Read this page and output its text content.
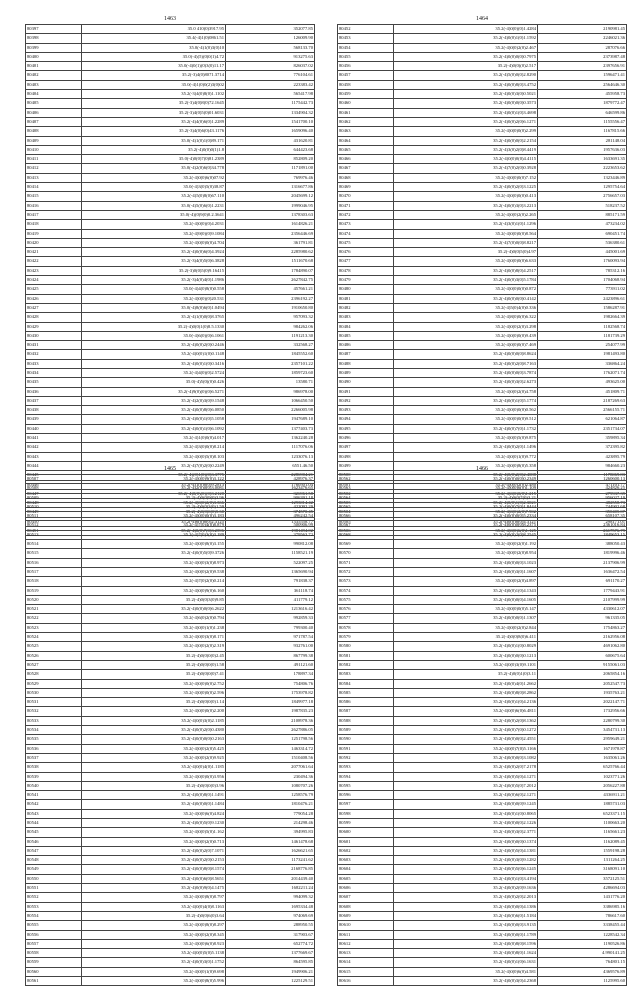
1463
80397	35.0 410(0)3917.95	352077.85
80398	35.4(-4)1(0)0861.51	126009.90
80399	35.0(-4)1(0)3(0)10	568133.70
80400	35.0(-4)(5)(0)0(1)4.72	913275.63
80401	35.0(-4)0(1)(0)3(0)11.17	826037.02
80402	35.2(-3)4(0)8071.3714	776104.61
80403	35.0(-4)1(0)0(2)3(0)02	223383.42
80404	35.2(-3)4(0)8(0)1.1102	565417.98
80405	35.2(-3)4(0)8(0)72.1645	1175442.73
80406	35.2(-3)4(0)5(0)01.6031	1334904.32
80407	35.2(-4)4(0)6(0)1.2289	1541700.10
80408	35.2(-3)4(0)6(0)43.1176	1659096.40
80409	35.0(-4)1(0)1(0)89.171	431620.81
80410	35.2(-4)0(0)0(1)1.8	644423.68
80411	35.0(-4)0(0)7(0)81.2389	852809.20
80412	35.0(-4)2(0)6(0)34.778	1171891.00
80413	35.2(-4)0(0)6(0)07.92	769976.46
80414	35.0(-4)3(0)5(0)38.87	1316677.86
80415	35.2(-4)5(0)8(0)67.110	2045699.12
80416	35.0(-4)5(0)6(0)1.2231	1999046.95
80417	35.0(-4)(0)9(0)0.2.3641	1378303.63
80418	35.2(-4)0(0)(0)4.2031	1614826.21
80419	35.2(-4)9(0)(0)9.1084	2356446.69
80420	35.2(-4)0(0)0(0)4.704	361791.81
80421	35.2(-4)0(0)6(0)4.3924	2285980.62
80422	35.2(-3)4(0)5(0)6.3828	1511670.68
80423	35.2(-3)0(0)5(0)9.16415	1784890.07
80424	35.2(-3)4(0)4(0)1.1986	2627842.75
80425	35.0(-4)4(0)8(0)0.558	457661.21
80426	35.2(-4)0(0)(0)20.531	2396192.27
80427	35.0(-4)8(0)6(0)1.0494	1910650.80
80428	35.2(-4)1(0)0(0)8.3765	957093.32
80429	35.2(-4)0(0)1(0)8.5.1330	984262.06
80430	35.0(-4)6(0)(0)6.1061	1191213.30
80431	35.2(-4)0(0)2(0)0.2446	332568.27
80432	35.2(-4)0(0)1(0)0.1148	1845552.60
80433	35.2(-4)0(0)1(0)0.3416	2357101.22
80434	35.2(-4)4(0)(0)2.5724	1859723.60
80435	35.0(-4)5(0)(0)0.426	13580.71
80436	35.2(-4)9(0)(0)(0)6.5271	986978.00
80437	35.2(-4)2(0)3(0)9.1548	1066450.50
80438	35.2(-4)0(0)8(0)6.0850	2266005.98
80439	35.2(-4)0(0)1(0)5.1058	1947689.10
80440	35.2(-4)0(0)1(0)6.1092	1377403.73
80441	35.2(-4)1(0)0(0)4.017	1362240.28
80442	35.2(-4)3(0)0(0)8.214	1117076.06
80443	35.2(-4)0(0)5(0)8.103	1233076.13
80444	35.2(-4)7(0)2(0)0.2249	6551.46.50
80445	35.2(-4)(0)1(0)(0)3.3775	2286904.21
80446	35.2(-4)1(0)8(0)9.2813	1760501.04
80447	35.2(-4)0(0)(0)(0)3.2120	326961.58
80448	35.2(-4)0(0)2(0)3.366	1293014.42
80449	35.2(-4)0(0)0(0)5.60	374570.45
80450	35.2(-4)6(0)8(0)2.3125	1335558.77
80451	35.2(-4)0(0)7(0)3.2596	1981494.02
1464
80452	35.2(-4)0(0)(0)1.4284	2190981.45
80453	35.2(-4)0(0)1(0)1.1592	2246021.36
80454	35.2(-4)0(0)2(0)2.467	287076.66
80455	35.2(-4)0(0)0(0)0.7975	2373987.48
80456	35.2(-4)0(0)(0)2.517	2397656.91
80457	35.2(-4)5(0)0(0)2.8290	1596471.41
80458	35.2(-4)0(0)8(0)3.4752	2564646.30
80459	35.2(-4)0(0)3(0)0.5021	455958.73
80460	35.2(-4)0(0)0(0)0.3573	1879772.47
80461	35.2(-4)0(0)1(0)3.4698	646599.86
80462	35.2(-4)0(0)2(0)6.1271	1155556.47
80463	35.2(-4)0(0)0(0)2.299	1167815.66
80464	35.2(-4)0(0)0(0)2.2154	281148.04
80465	35.2(-4)3(0)2(0)8.4419	1957636.03
80466	35.2(-4)0(0)0(0)4.4115	1633691.35
80467	35.2(-4)7(0)2(0)0.3928	2223653.62
80468	35.2(-4)0(0)0(0)7.152	1323446.89
80469	35.2(-4)0(0)2(0)3.1225	1295754.64
80470	35.2(-4)0(0)0(0)0.413	2756657.03
80471	35.2(-4)0(0)3(0)3.2213	518237.52
80472	35.2(-4)0(0)2(0)2.265	885171.59
80473	35.2(-4)3(0)1(0)1.1296	473234.02
80474	35.2(-4)0(0)0(0)8.564	690451.74
80475	35.2(-4)7(0)0(0)8.8217	536380.61
80476	35.2(-4)0(0)5(0)4.97	445001.69
80477	35.2(-4)0(0)0(0)6.633	1760093.94
80478	35.2(-4)0(0)8(0)4.2517	785312.16
80479	35.2(-4)0(0)3(0)5.1784	1704068.94
80480	35.2(-4)0(0)0(0)0.872	773911.02
80481	35.2(-4)0(0)0(0)0.4142	2423896.61
80482	35.2(-4)5(0)4(0)0.336	1586287.91
80483	35.2(-4)8(0)0(0)6.322	1982664.39
80484	35.2(-4)0(0)2(0)3.298	1182568.74
80485	35.2(-4)0(0)0(0)9.439	1181739.29
80486	35.2(-4)0(0)0(0)7.469	254077.99
80487	35.2(-4)0(0)0(0)8.8624	1981493.80
80488	35.2(-4)0(0)2(0)8.7163	336864.24
80489	35.2(-4)0(0)0(0)3.7874	1762071.74
80490	35.2(-4)0(0)3(0)2.6273	493625.00
80491	35.2(-4)0(0)2(0)4.758	451809.71
80492	35.2(-4)0(0)1(0)5.1774	2187269.63
80493	35.2(-4)0(0)0(0)0.562	2566155.71
80494	35.2(-4)0(0)0(0)9.512	621064.87
80495	35.2(-4)0(0)7(0)1.1732	2351734.07
80496	35.2(-4)0(0)5(0)9.875	359895.34
80497	35.2(-4)0(0)2(0)1.1496	372395.82
80498	35.2(-4)0(0)1(0)9.772	423895.79
80499	35.2(-4)0(0)8(0)5.358	984660.23
80500	35.2(-4)0(0)2(0)2.4088	1178069.83
80501	35.2(-4)0(0)2(0)2.480	471101.77
80502	35.2(-4)0(0)0(0)1.215	279937.39
80503	35.2(-4)0(0)1(0)2.3021	482558.73
80504	35.2(-4)0(0)2(0)7.902	350405.07
80505	35.2(-4)0(0)8(0)4.3121	298171.01
80506	35.2(-4)0(0)6(0)1.125	2617576.79
1465
80507	35.2(-4)0(0)9(0)3.122	428976.37
80508	35.2(-4)2(0)0(0)3.0081	1623476.65
80509	35.2(-4)0(0)9(0)3.96	906391.18
80510	35.2(-4)0(0)3(0)1.59	422092.29
80511	35.2(-4)0(0)0(0)3.183	496242.54
80512	35.2(-4)7(0)4(0)8.879	500906.99
80513	35.2(-4)7(0)3(0)3.189	379563.72
80514	35.2(-4)0(0)8(0)3.155	990812.08
80515	35.2(-4)0(0)5(0)9.3726	1158521.19
80516	35.2(-4)0(0)3(0)8.973	522097.25
80517	35.2(-4)0(0)2(0)9.538	1365690.94
80518	35.2(-4)7(0)2(0)0.214	791838.37
80519	35.2(-4)0(0)9(0)6.160	361118.74
80520	35.2(-4)0(0)3(0)9.85	411779.12
80521	35.2(-4)0(0)0(0)6.2622	1213616.42
80522	35.2(-4)6(0)2(0)0.794	992859.33
80523	35.2(-4)0(0)1(0)1.238	799300.40
80524	35.2(-4)0(0)3(0)8.171	971787.54
80525	35.2(-4)0(0)2(0)2.319	932761.00
80526	35.2(-4)0(0)0(0)2.45	867799.38
80527	35.2(-4)0(0)0(0)1.58	491121.60
80528	35.2(-4)0(0)0(0)7.41	178897.34
80529	35.2(-4)0(0)0(0)2.752	754806.76
80530	35.2(-4)0(0)0(0)2.596	1753978.82
80531	35.2(-4)0(0)0(0)1.14	1849977.18
80532	35.2(-4)0(0)0(0)2.200	1987835.23
80533	35.2(-4)0(0)3(0)2.1185	2108978.36
80534	35.2(-4)0(0)2(0)0.4380	2627886.05
80535	35.2(-4)0(0)0(0)0.2163	1251798.56
80536	35.2(-4)0(0)2(0)5.425	1463314.72
80537	35.2(-4)0(0)2(0)9.925	1510408.56
80538	35.2(-4)0(0)4(0)1.1185	2077061.64
80539	35.2(-4)0(0)0(0)3.956	230494.36
80540	35.2(-4)0(0)0(0)3.96	1080707.26
80541	35.2(-4)0(0)8(0)1.1491	1258576.79
80542	35.2(-4)0(0)0(0)1.1484	1810476.21
80543	35.2(-4)0(0)6(0)4.824	779054.28
80544	35.2(-4)0(0)5(0)9.1230	214298.46
80545	35.2(-4)0(0)5(0)1.162	394995.83
80546	35.2(-4)0(0)2(0)0.713	1461478.68
80547	35.2(-4)0(0)2(0)7.1071	1626621.65
80548	35.2(-4)0(0)2(0)0.2153	1173241.62
80549	35.2(-4)0(0)8(0)8.1574	2168776.85
80550	35.2(-4)0(0)6(0)8.5651	2014439.40
80551	35.2(-4)0(0)9(0)4.1475	1682211.24
80552	35.2(-4)0(0)8(0)8.797	994099.32
80553	35.2(-4)0(0)4(0)8.1163	1695334.48
80554	35.2(-4)0(0)6(0)3.64	974069.69
80555	35.2(-4)0(0)8(0)8.297	288950.55
80556	35.2(-4)0(0)2(0)8.345	317903.67
80557	35.2(-4)0(0)6(0)8.923	652774.72
80558	35.2(-4)0(0)5(0)5.1138	1377669.67
80559	35.2(-4)0(0)3(0)1.1752	864595.85
80560	35.2(-4)0(0)1(0)9.698	1949906.21
80561	35.2(-4)0(0)8(0)5.996	1225129.51
1466
80562	35.2(-4)0(0)0(0)0.2349	1260600.13
80563	35.2(-4)0(0)6(0)1.109	424826.25
80564	35.2(-4)0(0)7(0)3.21	956027.19
80565	35.2(-4)0(0)7(0)1.8444	744902.68
80566	35.2(-4)0(0)0(0)5.2334	658107.35
80567	35.2(-4)0(0)0(0)8.2375	2361016.84
80568	35.2(-4)0(0)2(0)8.2545	1849653.15
80569	35.2(-4)0(0)2(0)1.192	388050.43
80570	35.2(-4)0(0)2(0)8.954	1819996.46
80571	35.2(-4)0(0)0(0)3.1023	2137906.99
80572	35.2(-4)0(0)3(0)1.1607	1636472.54
80573	35.2(-4)0(0)2(0)4.897	691170.27
80574	35.2(-4)0(0)1(0)4.1343	1779443.91
80575	35.2(-4)0(0)0(0)4.1605	2107999.99
80576	35.2(-4)0(0)0(0)5.147	4330612.07
80577	35.2(-4)0(0)0(0)1.1307	961335.05
80578	35.2(-4)0(0)2(0)2.844	1754863.27
80579	35.2(-4)0(0)8(0)6.411	2162956.08
80580	35.2(-4)0(0)1(0)0.8029	4691062.80
80581	35.2(-4)0(0)0(0)0.1213	600675.64
80582	35.2(-4)0(0)3(0)9.1101	9155061.03
80583	35.2(-4)0(0)1(0)3.11	2065854.16
80584	35.2(-4)0(0)4(0)1.2662	2052547.73
80585	35.2(-4)0(0)8(0)8.2862	1935763.21
80586	35.2(-4)0(0)1(0)4.2136	2022147.71
80587	35.2(-4)0(0)6(0)6.4811	1732956.66
80588	35.2(-4)0(0)2(0)8.1362	2280799.30
80589	35.2(-4)0(0)7(0)0.1272	3454731.13
80590	35.2(-4)0(0)0(0)2.4551	2959649.21
80591	35.2(-4)0(0)7(0)5.1166	1671978.87
80592	35.2(-4)0(0)0(0)3.1082	1635061.26
80593	35.2(-4)0(0)2(0)7.2178	6525766.44
80594	35.2(-4)0(0)5(0)4.1271	1023771.26
80595	35.2(-4)0(0)5(0)7.2012	2056227.88
80596	35.2(-4)0(0)6(0)2.1271	4336911.21
80597	35.2(-4)0(0)0(0)9.1245	1885731.03
80598	35.2(-4)0(0)1(0)0.8065	6523371.15
80599	35.2(-4)0(0)0(0)2.1226	1100663.20
80600	35.2(-4)0(0)3(0)2.3771	1165661.23
80601	35.2(-4)0(0)0(0)0.1374	1162089.45
80602	35.2(-4)0(0)5(0)4.1381	1559198.28
80603	35.2(-4)0(0)3(0)9.1282	1311264.25
80604	35.2(-4)0(0)5(0)6.1245	3168091.10
80605	35.2(-4)0(0)1(0)3.4194	3572125.51
80606	35.2(-4)0(0)2(0)9.1636	4286694.03
80607	35.2(-4)0(0)2(0)2.2013	1431776.20
80608	35.2(-4)0(0)0(0)4.1386	3386985.16
80609	35.2(-4)0(0)6(0)1.5184	786617.60
80610	35.2(-4)0(0)0(0)3.9135	3338455.44
80611	35.2(-4)0(0)0(0)1.1789	1228542.34
80612	35.2(-4)0(0)8(0)8.1596	1190526.86
80613	35.2(-4)0(0)8(0)1.1624	4.990141.25
80614	35.2(-4)0(0)1(0)6.1631	764801.15
80615	35.2(-4)0(0)6(0)4.581	4369576.89
80616	35.2(-4)0(0)3(0)4.2368	1125995.60
